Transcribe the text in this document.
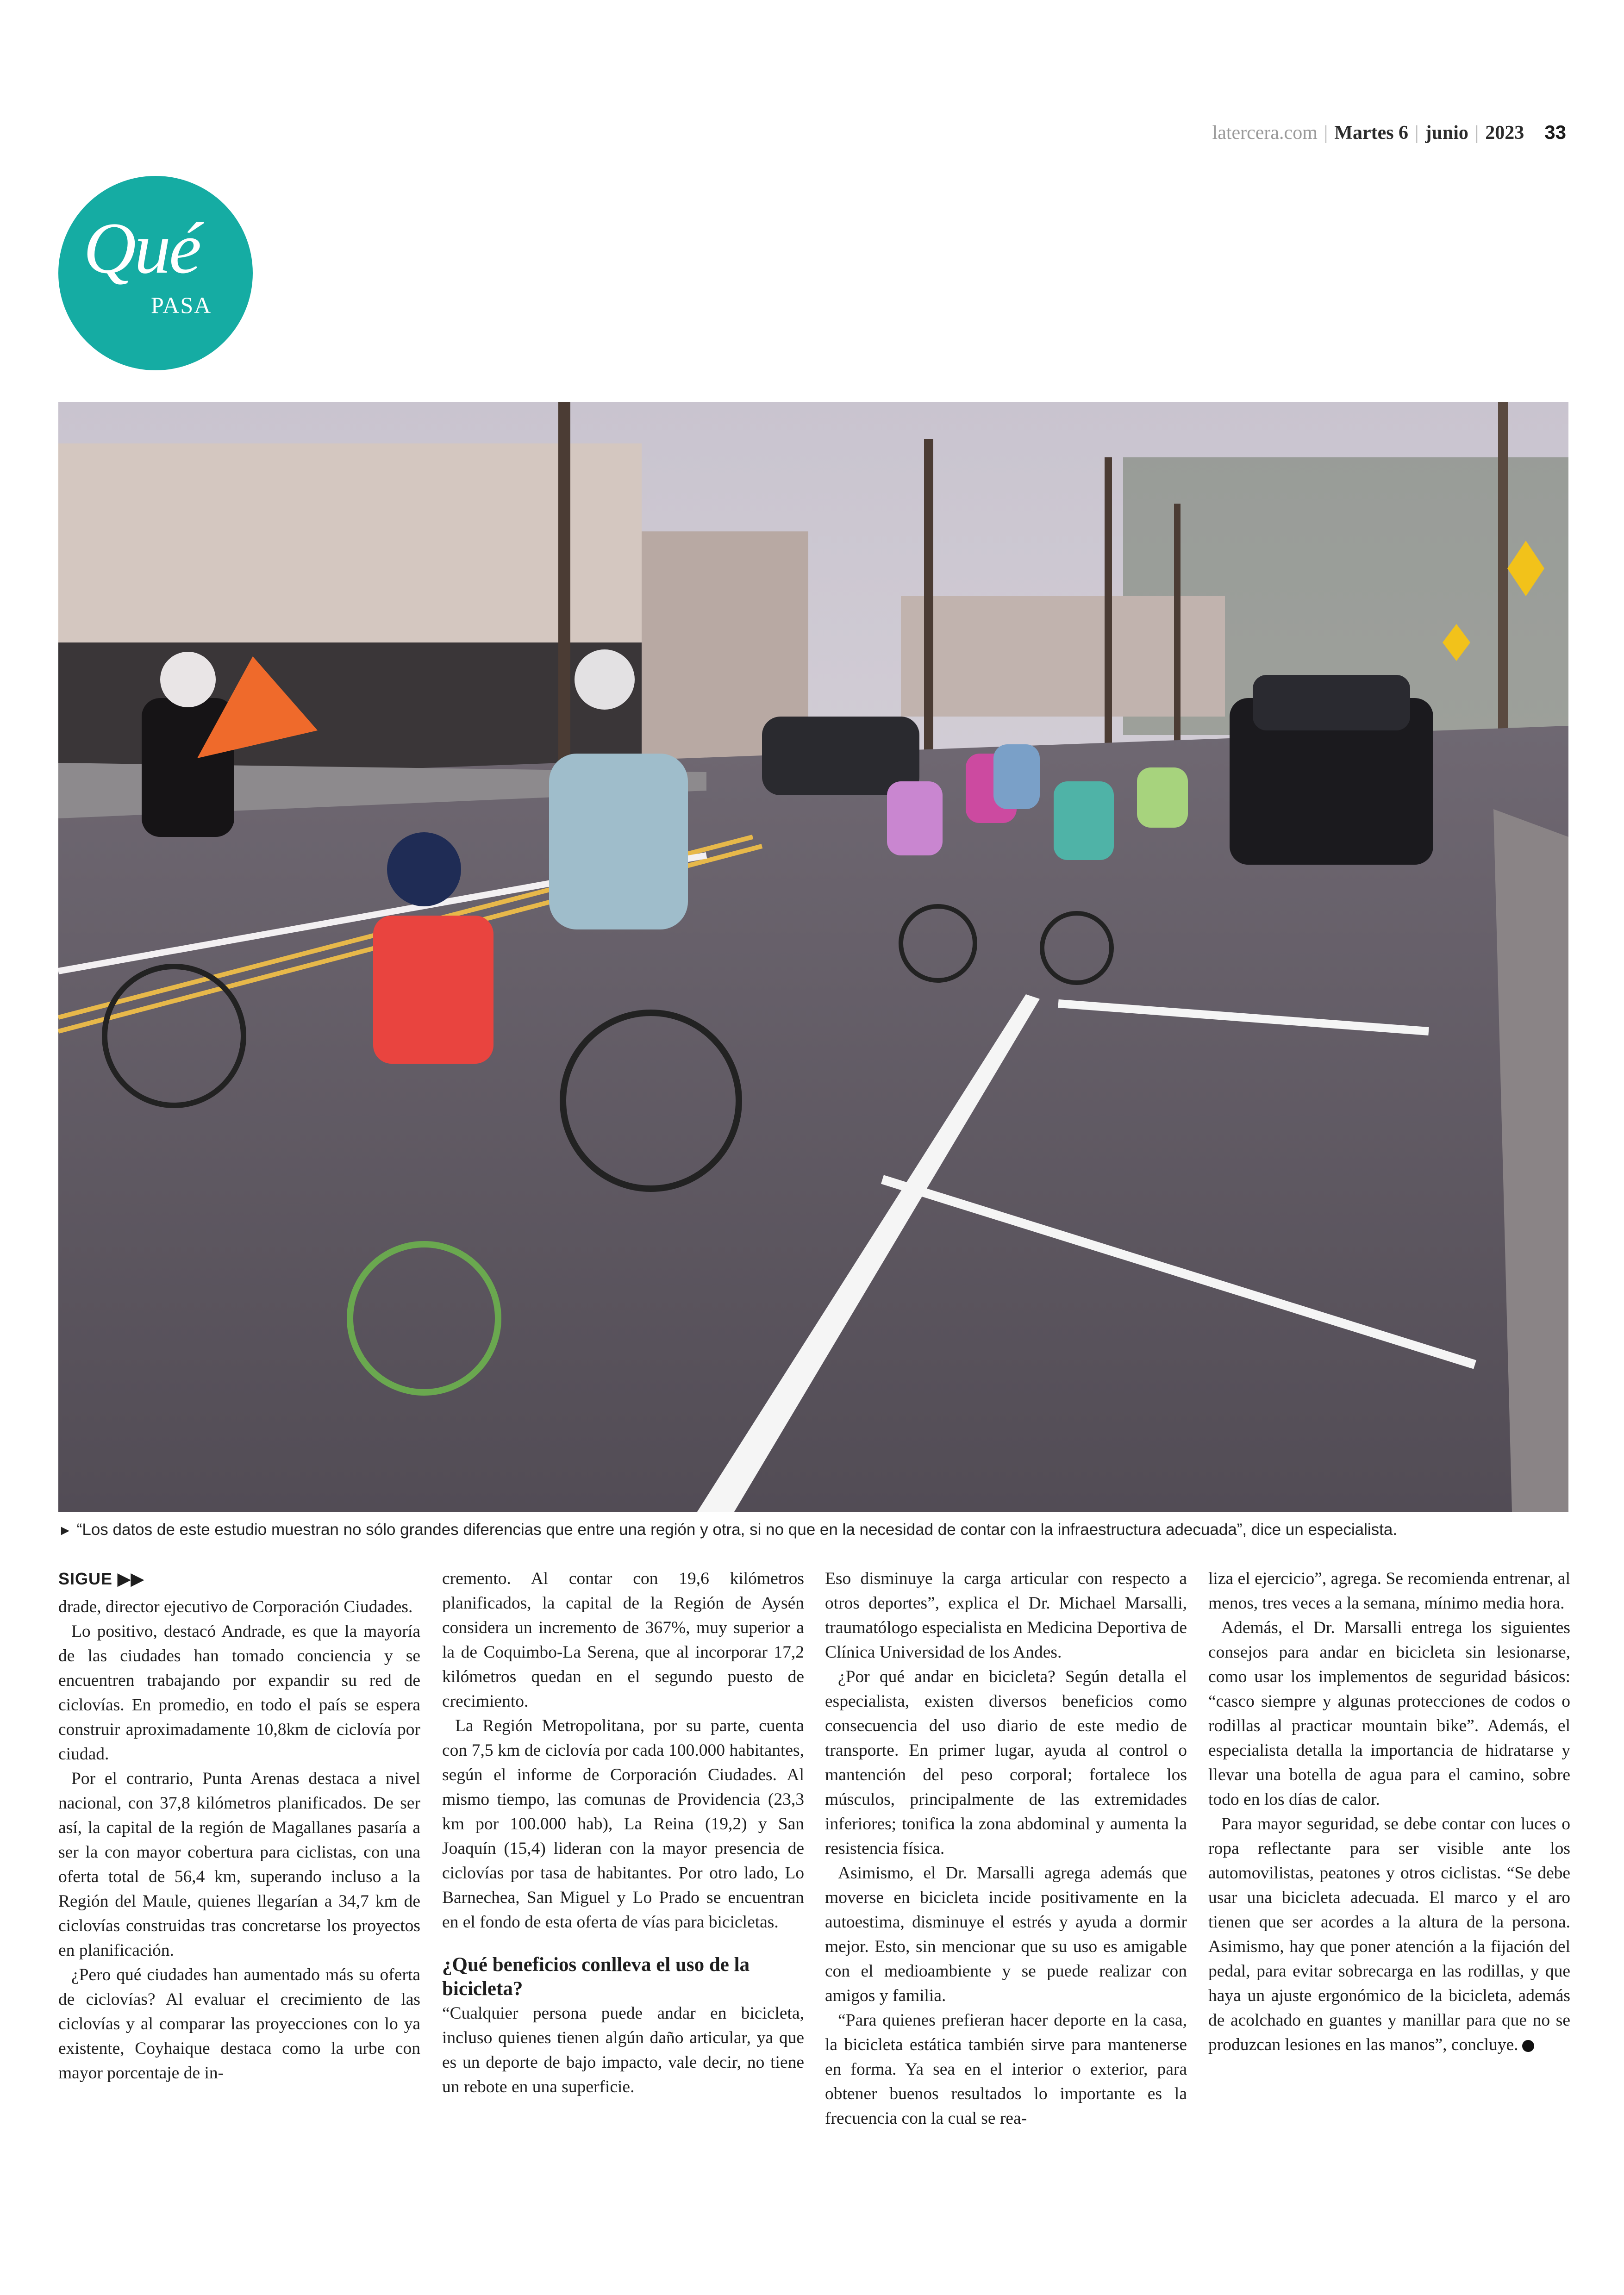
latercera.com | Martes 6 | junio | 2023 33
Qué
PASA
► “Los datos de este estudio muestran no sólo grandes diferencias que entre una región y otra, si no que en la necesidad de contar con la infraestructura adecuada”, dice un especialista.
SIGUE ▶▶

drade, director ejecutivo de Corporación Ciudades.

Lo positivo, destacó Andrade, es que la mayoría de las ciudades han tomado conciencia y se encuentren trabajando por expandir su red de ciclovías. En promedio, en todo el país se espera construir aproximadamente 10,8km de ciclovía por ciudad.

Por el contrario, Punta Arenas destaca a nivel nacional, con 37,8 kilómetros planificados. De ser así, la capital de la región de Magallanes pasaría a ser la con mayor cobertura para ciclistas, con una oferta total de 56,4 km, superando incluso a la Región del Maule, quienes llegarían a 34,7 km de ciclovías construidas tras concretarse los proyectos en planificación.

¿Pero qué ciudades han aumentado más su oferta de ciclovías? Al evaluar el crecimiento de las ciclovías y al comparar las proyecciones con lo ya existente, Coyhaique destaca como la urbe con mayor porcentaje de in-

cremento. Al contar con 19,6 kilómetros planificados, la capital de la Región de Aysén considera un incremento de 367%, muy superior a la de Coquimbo-La Serena, que al incorporar 17,2 kilómetros quedan en el segundo puesto de crecimiento.

La Región Metropolitana, por su parte, cuenta con 7,5 km de ciclovía por cada 100.000 habitantes, según el informe de Corporación Ciudades. Al mismo tiempo, las comunas de Providencia (23,3 km por 100.000 hab), La Reina (19,2) y San Joaquín (15,4) lideran con la mayor presencia de ciclovías por tasa de habitantes. Por otro lado, Lo Barnechea, San Miguel y Lo Prado se encuentran en el fondo de esta oferta de vías para bicicletas.

¿Qué beneficios conlleva el uso de la bicicleta?

“Cualquier persona puede andar en bicicleta, incluso quienes tienen algún daño articular, ya que es un deporte de bajo impacto, vale decir, no tiene un rebote en una superficie.

Eso disminuye la carga articular con respecto a otros deportes”, explica el Dr. Michael Marsalli, traumatólogo especialista en Medicina Deportiva de Clínica Universidad de los Andes.

¿Por qué andar en bicicleta? Según detalla el especialista, existen diversos beneficios como consecuencia del uso diario de este medio de transporte. En primer lugar, ayuda al control o mantención del peso corporal; fortalece los músculos, principalmente de las extremidades inferiores; tonifica la zona abdominal y aumenta la resistencia física.

Asimismo, el Dr. Marsalli agrega además que moverse en bicicleta incide positivamente en la autoestima, disminuye el estrés y ayuda a dormir mejor. Esto, sin mencionar que su uso es amigable con el medioambiente y se puede realizar con amigos y familia.

“Para quienes prefieran hacer deporte en la casa, la bicicleta estática también sirve para mantenerse en forma. Ya sea en el interior o exterior, para obtener buenos resultados lo importante es la frecuencia con la cual se rea-

liza el ejercicio”, agrega. Se recomienda entrenar, al menos, tres veces a la semana, mínimo media hora.

Además, el Dr. Marsalli entrega los siguientes consejos para andar en bicicleta sin lesionarse, como usar los implementos de seguridad básicos: “casco siempre y algunas protecciones de codos o rodillas al practicar mountain bike”. Además, el especialista detalla la importancia de hidratarse y llevar una botella de agua para el camino, sobre todo en los días de calor.

Para mayor seguridad, se debe contar con luces o ropa reflectante para ser visible ante los automovilistas, peatones y otros ciclistas. “Se debe usar una bicicleta adecuada. El marco y el aro tienen que ser acordes a la altura de la persona. Asimismo, hay que poner atención a la fijación del pedal, para evitar sobrecarga en las rodillas, y que haya un ajuste ergonómico de la bicicleta, además de acolchado en guantes y manillar para que no se produzcan lesiones en las manos”, concluye.
